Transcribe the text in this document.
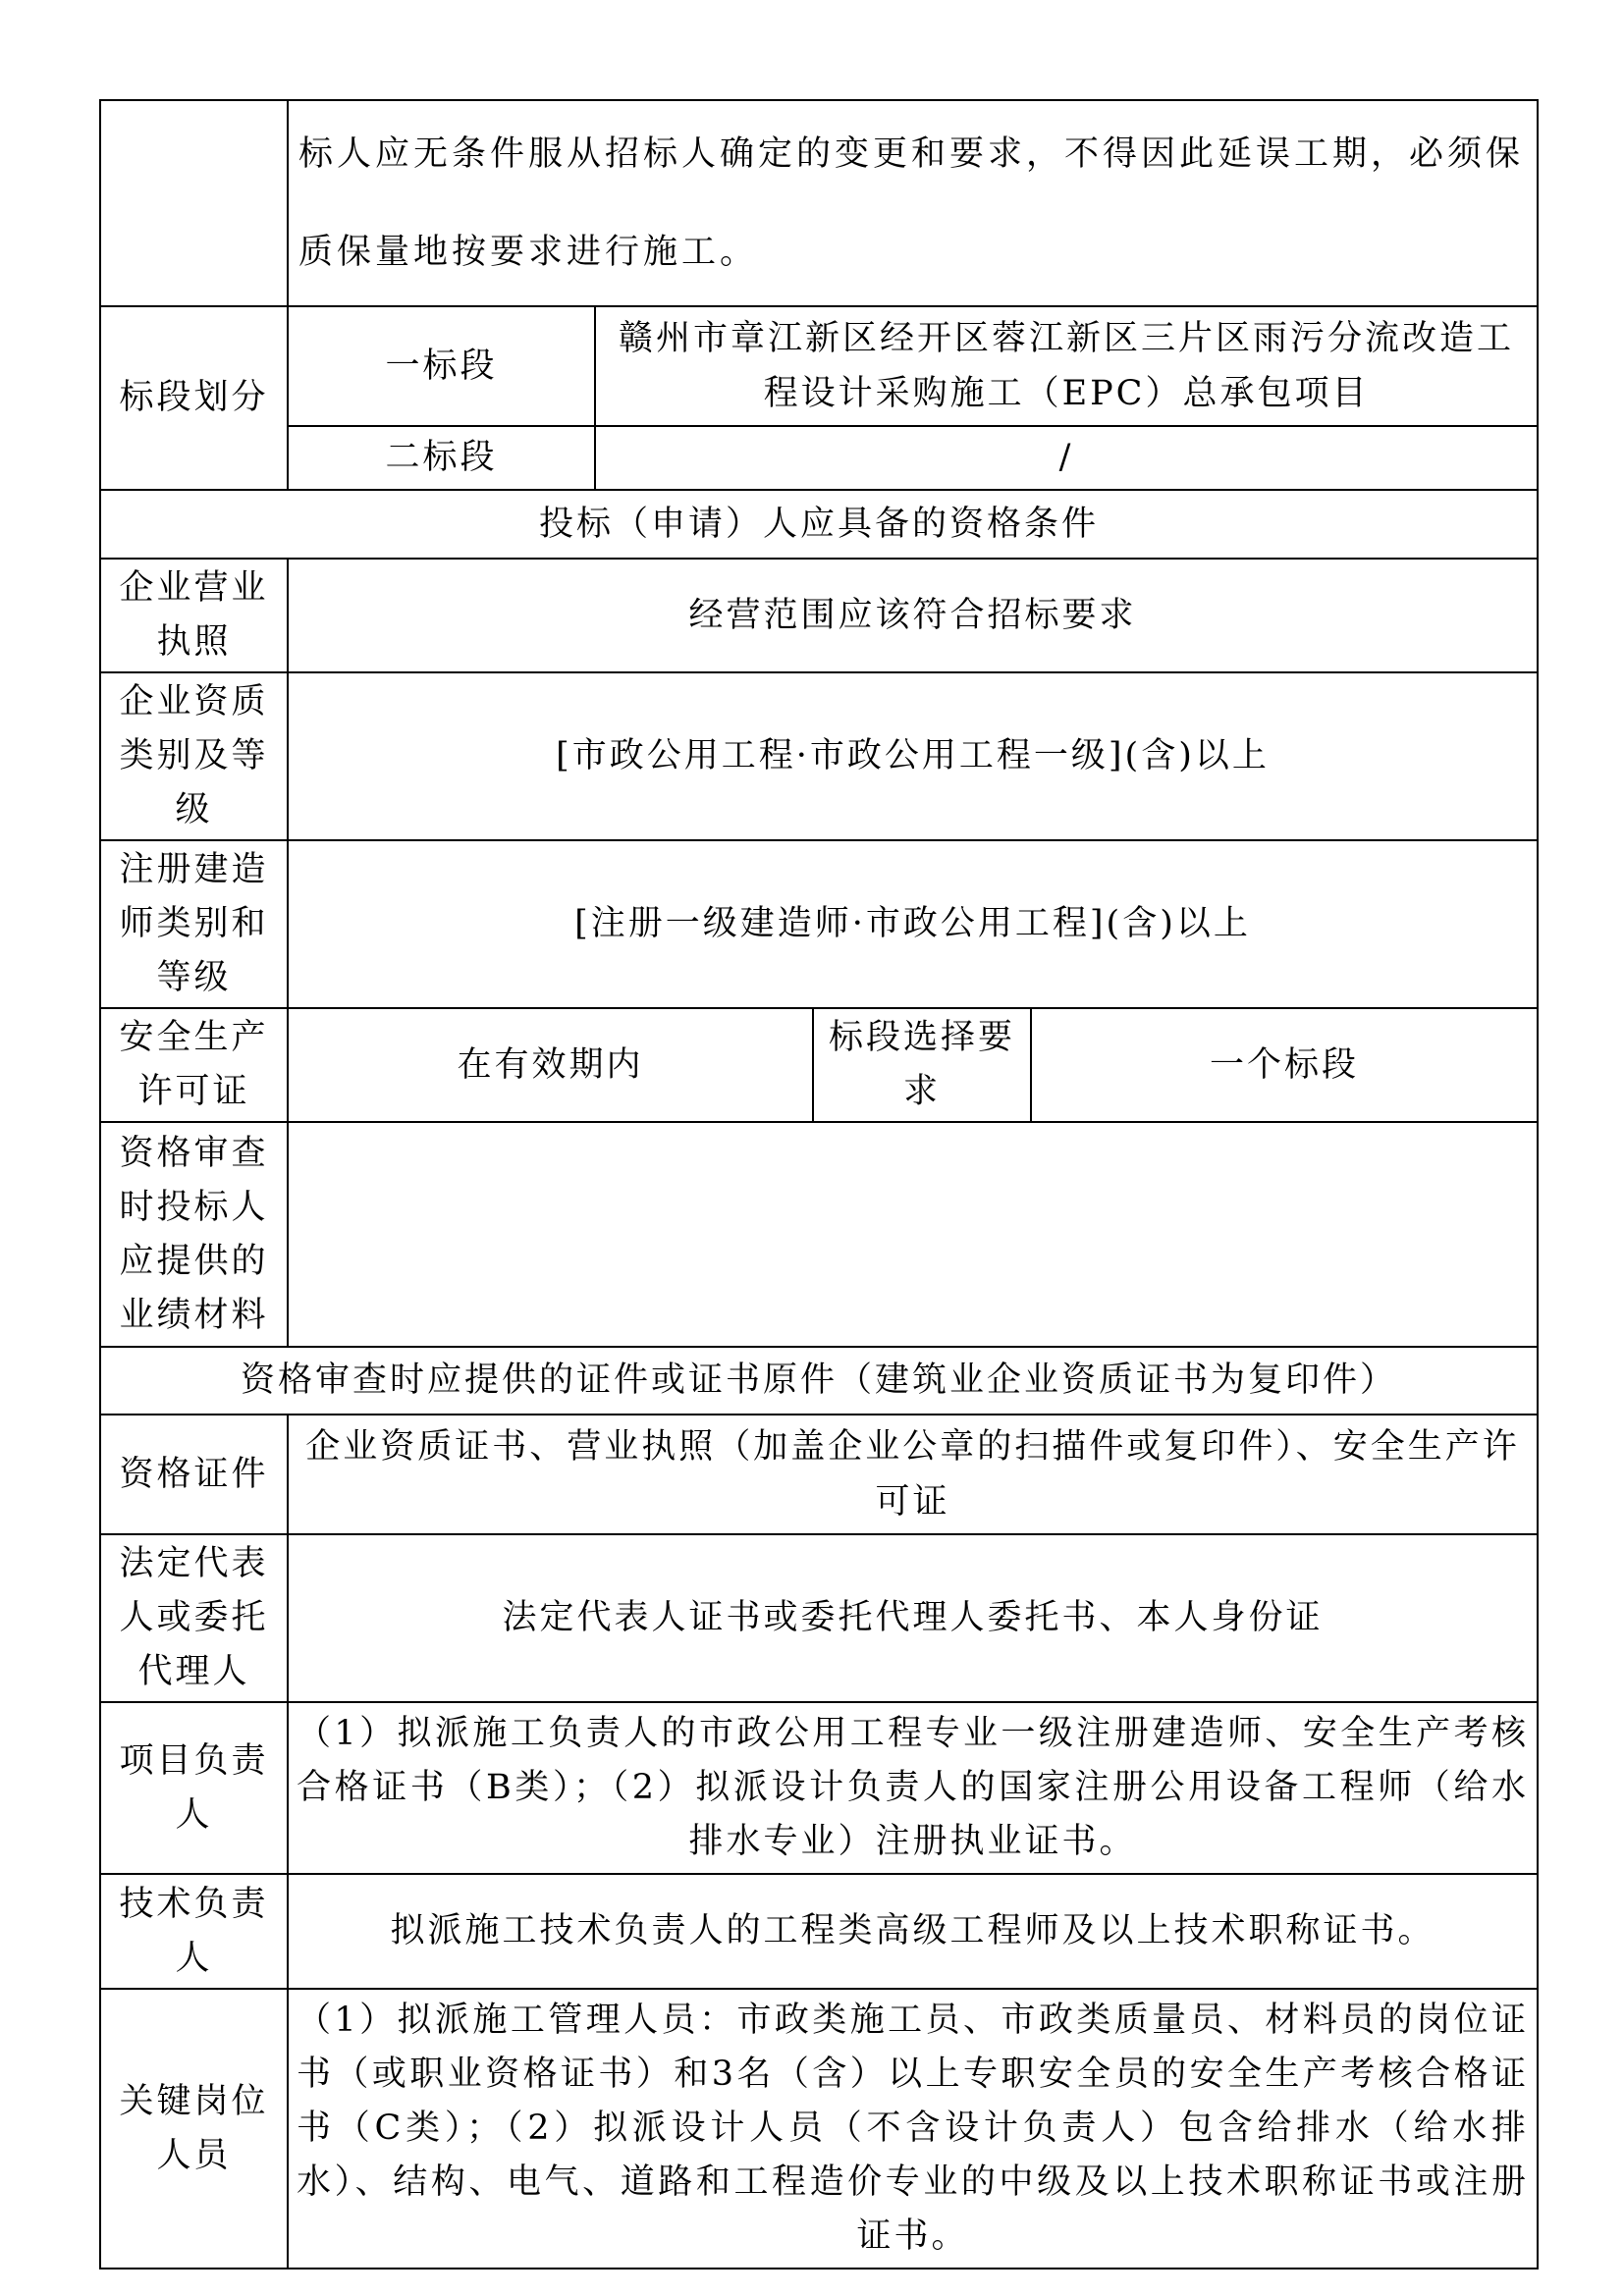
	标人应无条件服从招标人确定的变更和要求，不得因此延误工期，必须保质保量地按要求进行施工。			
标段划分	一标段	赣州市章江新区经开区蓉江新区三片区雨污分流改造工程设计采购施工（EPC）总承包项目		
	二标段	/		
投标（申请）人应具备的资格条件				
企业营业执照	经营范围应该符合招标要求			
企业资质类别及等级	[市政公用工程·市政公用工程一级](含)以上			
注册建造师类别和等级	[注册一级建造师·市政公用工程](含)以上			
安全生产许可证	在有效期内		标段选择要求	一个标段
资格审查时投标人应提供的业绩材料				
资格审查时应提供的证件或证书原件（建筑业企业资质证书为复印件）				
资格证件	企业资质证书、营业执照（加盖企业公章的扫描件或复印件）、安全生产许可证			
法定代表人或委托代理人	法定代表人证书或委托代理人委托书、本人身份证			
项目负责人	（1）拟派施工负责人的市政公用工程专业一级注册建造师、安全生产考核合格证书（B类）；（2）拟派设计负责人的国家注册公用设备工程师（给水排水专业）注册执业证书。			
技术负责人	拟派施工技术负责人的工程类高级工程师及以上技术职称证书。			
关键岗位人员	（1）拟派施工管理人员：市政类施工员、市政类质量员、材料员的岗位证书（或职业资格证书）和3名（含）以上专职安全员的安全生产考核合格证书（C类）；（2）拟派设计人员（不含设计负责人）包含给排水（给水排水）、结构、电气、道路和工程造价专业的中级及以上技术职称证书或注册证书。			
